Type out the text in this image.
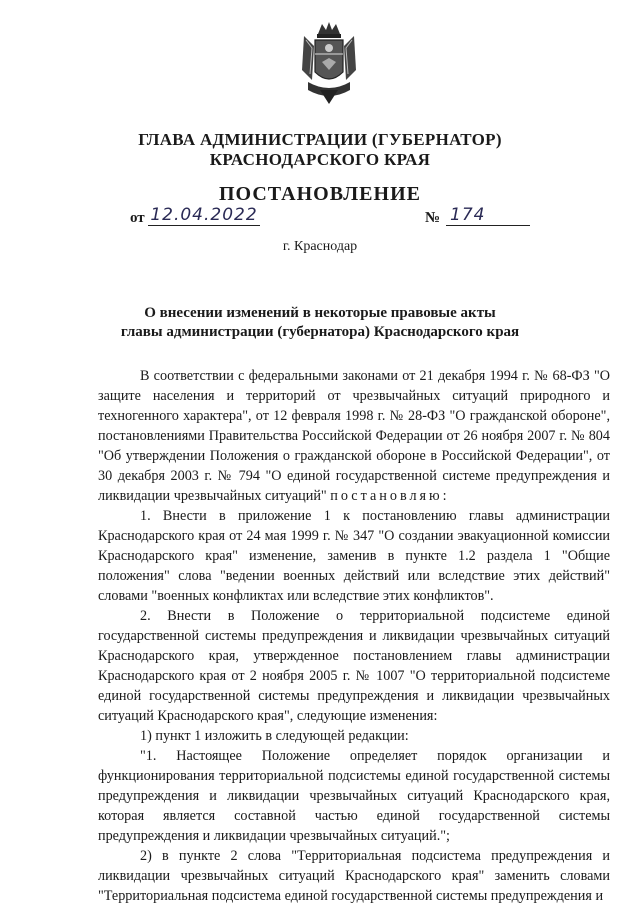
ГЛАВА АДМИНИСТРАЦИИ (ГУБЕРНАТОР)
КРАСНОДАРСКОГО КРАЯ
ПОСТАНОВЛЕНИЕ
от 12.04.2022	№ 174
г. Краснодар
О внесении изменений в некоторые правовые акты
главы администрации (губернатора) Краснодарского края

В соответствии с федеральными законами от 21 декабря 1994 г. № 68-ФЗ "О защите населения и территорий от чрезвычайных ситуаций природного и техногенного характера", от 12 февраля 1998 г. № 28-ФЗ "О гражданской обороне", постановлениями Правительства Российской Федерации от 26 ноября 2007 г. № 804 "Об утверждении Положения о гражданской обороне в Российской Федерации", от 30 декабря 2003 г. № 794 "О единой государственной системе предупреждения и ликвидации чрезвычайных ситуаций" постановляю:

1. Внести в приложение 1 к постановлению главы администрации Краснодарского края от 24 мая 1999 г. № 347 "О создании эвакуационной комиссии Краснодарского края" изменение, заменив в пункте 1.2 раздела 1 "Общие положения" слова "ведении военных действий или вследствие этих действий" словами "военных конфликтах или вследствие этих конфликтов".

2. Внести в Положение о территориальной подсистеме единой государственной системы предупреждения и ликвидации чрезвычайных ситуаций Краснодарского края, утвержденное постановлением главы администрации Краснодарского края от 2 ноября 2005 г. № 1007 "О территориальной подсистеме единой государственной системы предупреждения и ликвидации чрезвычайных ситуаций Краснодарского края", следующие изменения:

1) пункт 1 изложить в следующей редакции:

"1. Настоящее Положение определяет порядок организации и функционирования территориальной подсистемы единой государственной системы предупреждения и ликвидации чрезвычайных ситуаций Краснодарского края, которая является составной частью единой государственной системы предупреждения и ликвидации чрезвычайных ситуаций.";

2) в пункте 2 слова "Территориальная подсистема предупреждения и ликвидации чрезвычайных ситуаций Краснодарского края" заменить словами "Территориальная подсистема единой государственной системы предупреждения и
